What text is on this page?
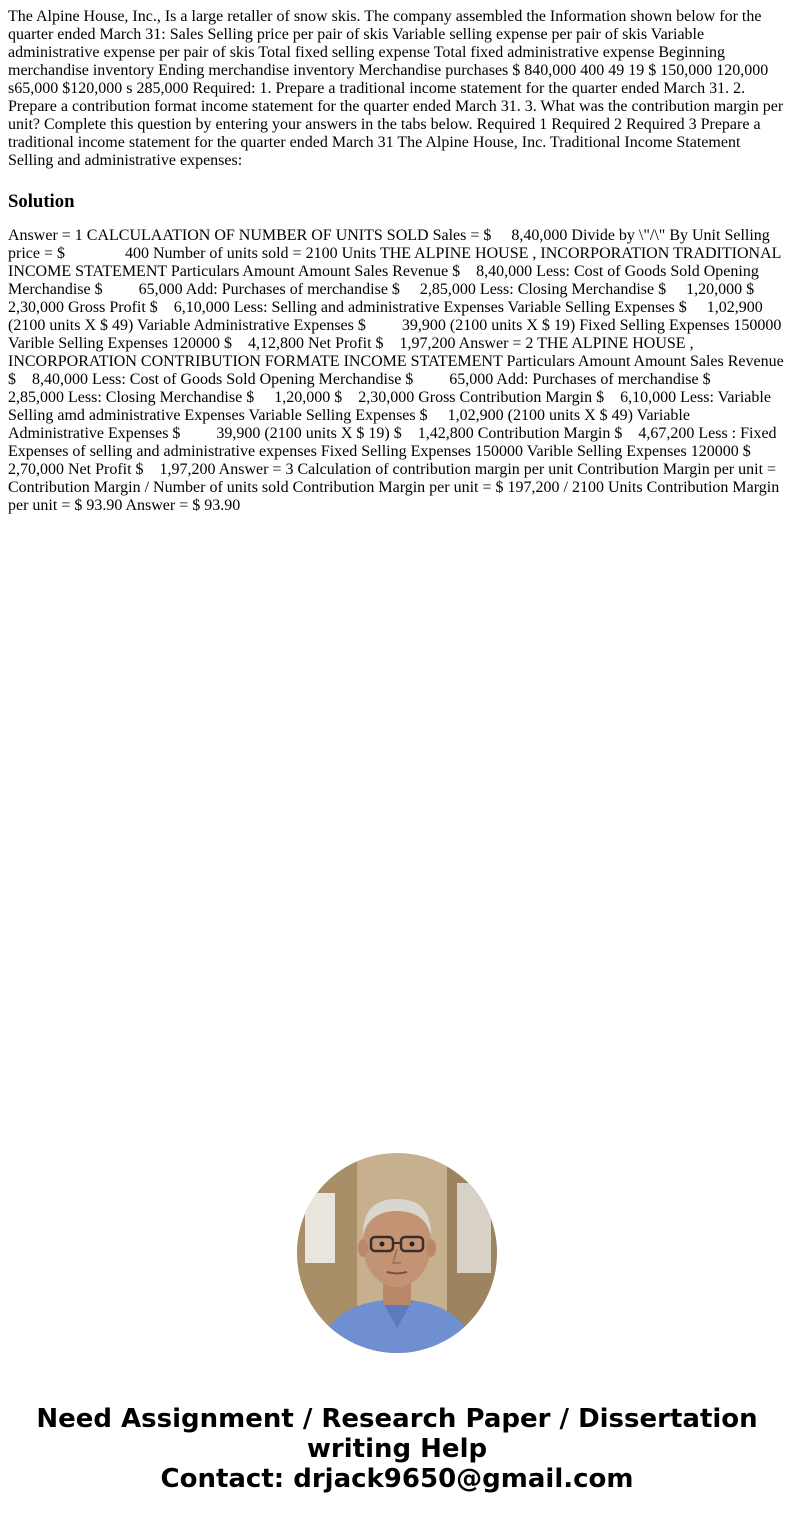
The Alpine House, Inc., Is a large retaller of snow skis. The company assembled the Information shown below for the quarter ended March 31: Sales Selling price per pair of skis Variable selling expense per pair of skis Variable administrative expense per pair of skis Total fixed selling expense Total fixed administrative expense Beginning merchandise inventory Ending merchandise inventory Merchandise purchases $ 840,000 400 49 19 $ 150,000 120,000 s65,000 $120,000 s 285,000 Required: 1. Prepare a traditional income statement for the quarter ended March 31. 2. Prepare a contribution format income statement for the quarter ended March 31. 3. What was the contribution margin per unit? Complete this question by entering your answers in the tabs below. Required 1 Required 2 Required 3 Prepare a traditional income statement for the quarter ended March 31 The Alpine House, Inc. Traditional Income Statement Selling and administrative expenses:

Solution

Answer = 1 CALCULAATION OF NUMBER OF UNITS SOLD Sales = $     8,40,000 Divide by \"/\" By Unit Selling price = $               400 Number of units sold = 2100 Units THE ALPINE HOUSE , INCORPORATION TRADITIONAL INCOME STATEMENT Particulars Amount Amount Sales Revenue $    8,40,000 Less: Cost of Goods Sold Opening Merchandise $         65,000 Add: Purchases of merchandise $     2,85,000 Less: Closing Merchandise $     1,20,000 $     2,30,000 Gross Profit $    6,10,000 Less: Selling and administrative Expenses Variable Selling Expenses $     1,02,900 (2100 units X $ 49) Variable Administrative Expenses $         39,900 (2100 units X $ 19) Fixed Selling Expenses 150000 Varible Selling Expenses 120000 $    4,12,800 Net Profit $    1,97,200 Answer = 2 THE ALPINE HOUSE , INCORPORATION CONTRIBUTION FORMATE INCOME STATEMENT Particulars Amount Amount Sales Revenue $    8,40,000 Less: Cost of Goods Sold Opening Merchandise $         65,000 Add: Purchases of merchandise $     2,85,000 Less: Closing Merchandise $     1,20,000 $    2,30,000 Gross Contribution Margin $    6,10,000 Less: Variable Selling amd administrative Expenses Variable Selling Expenses $     1,02,900 (2100 units X $ 49) Variable Administrative Expenses $         39,900 (2100 units X $ 19) $    1,42,800 Contribution Margin $    4,67,200 Less : Fixed Expenses of selling and administrative expenses Fixed Selling Expenses 150000 Varible Selling Expenses 120000 $     2,70,000 Net Profit $    1,97,200 Answer = 3 Calculation of contribution margin per unit Contribution Margin per unit = Contribution Margin / Number of units sold Contribution Margin per unit = $ 197,200 / 2100 Units Contribution Margin per unit = $ 93.90 Answer = $ 93.90

Need Assignment / Research Paper / Dissertation
writing Help
Contact: drjack9650@gmail.com
